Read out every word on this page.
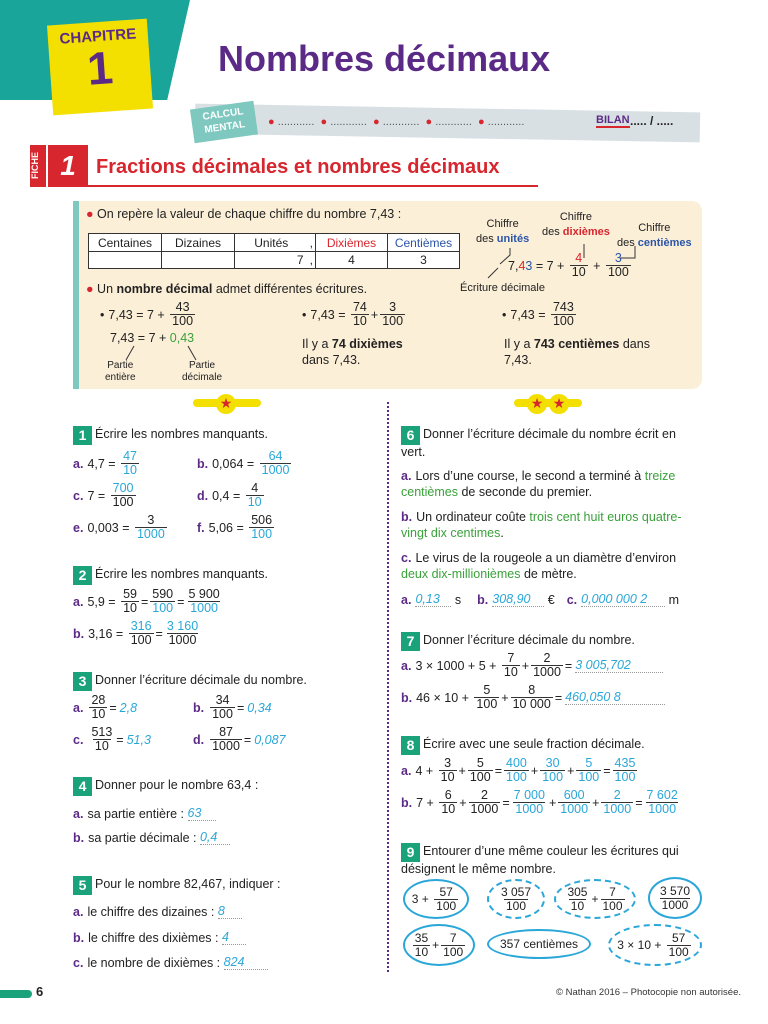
CHAPITRE
1	Nombres décimaux
CALCUL
MENTAL	● ............  ● ............  ● ............  ● ............  ● ............	BILAN ..... / .....
FICHE 1	Fractions décimales et nombres décimaux
● On repère la valeur de chaque chiffre du nombre 7,43 :
Centaines	Dizaines	Unités	,	Dixièmes	Centièmes
		7	,	4	3
Chiffre
des unités
Chiffre
des dixièmes	Chiffre
des centièmes
7, 4 $3 = 7 + \frac{4}{10} + \frac{3}{100}$
Écriture décimale
● Un nombre décimal admet différentes écritures.
• $7,43 = 7 + \frac{43}{100}$
7,43 = 7 + 0,43
Partie
entière
Partie
décimale
• $7,43 = \frac{74}{10} + \frac{3}{100}$
Il y a 74 dixièmes
dans 7,43.
• $7,43 = \frac{743}{100}$
Il y a 743 centièmes dans
7,43.
★	★ ★
1 Écrire les nombres manquants.
a. $4,7 = \frac{47}{10}$	b. $0,064 = \frac{64}{1000}$
c. $7 = \frac{700}{100}$	d. $0,4 = \frac{4}{10}$
e. $0,003 = \frac{3}{1000} f$. $5,06 = \frac{506}{100}$
2 Écrire les nombres manquants.
a. $5,9 = \frac{59}{10} = \frac{590}{100} = \frac{5 900}{1000}$
b. $3,16 = \frac{316}{100} = \frac{3 160}{1000}$
3 Donner l’écriture décimale du nombre.
a. $\frac{28}{10} = 2,8$	b. $\frac{34}{100} = 0,34$
c. $\frac{513}{10} = 51,3$	d. $\frac{87}{1000} = 0,087$
4 Donner pour le nombre 63,4 :
a. sa partie entière : 63
b. sa partie décimale : 0,4
5 Pour le nombre 82,467, indiquer :
a. le chiffre des dizaines : 8
b. le chiffre des dixièmes : 4
c. le nombre de dixièmes : 824
6 Donner l’écriture décimale du nombre écrit en vert.
a. Lors d’une course, le second a terminé à treize centièmes de seconde du premier.
b. Un ordinateur coûte trois cent huit euros quatre-vingt dix centimes.
c. Le virus de la rougeole a un diamètre d’environ deux dix-millionièmes de mètre.
a. 0,13
	s b. 308,90
	€ c. 0,000 000 2
	m
7 Donner l’écriture décimale du nombre.
a. $3 \times 1000 + 5 + \frac{7}{10} + \frac{2}{1000} = 3$ 005,702
b. $46 \times 10 + \frac{5}{100} + \frac{8}{10 000} = 460,050$ 8
8 Écrire avec une seule fraction décimale.
a. $4 + \frac{3}{10} + \frac{5}{100} = \frac{400}{100} + \frac{30}{100} + \frac{5}{100} = \frac{435}{100}$
b. $7 + \frac{6}{10} + \frac{2}{1000} = \frac{7 000}{1000} + \frac{600}{1000} + \frac{2}{1000} = \frac{7 602}{1000}$
9 Entourer d’une même couleur les écritures qui désignent le même nombre.
$3 + \frac{57}{100}$	$\frac{3 057}{100}$	$\frac{305}{10} + \frac{7}{100}$	$\frac{3 570}{1000}$
$\frac{35}{10} + \frac{7}{100}$	357 centièmes	$3 \times 10 + \frac{57}{100}$
6	© Nathan 2016 – Photocopie non autorisée.
